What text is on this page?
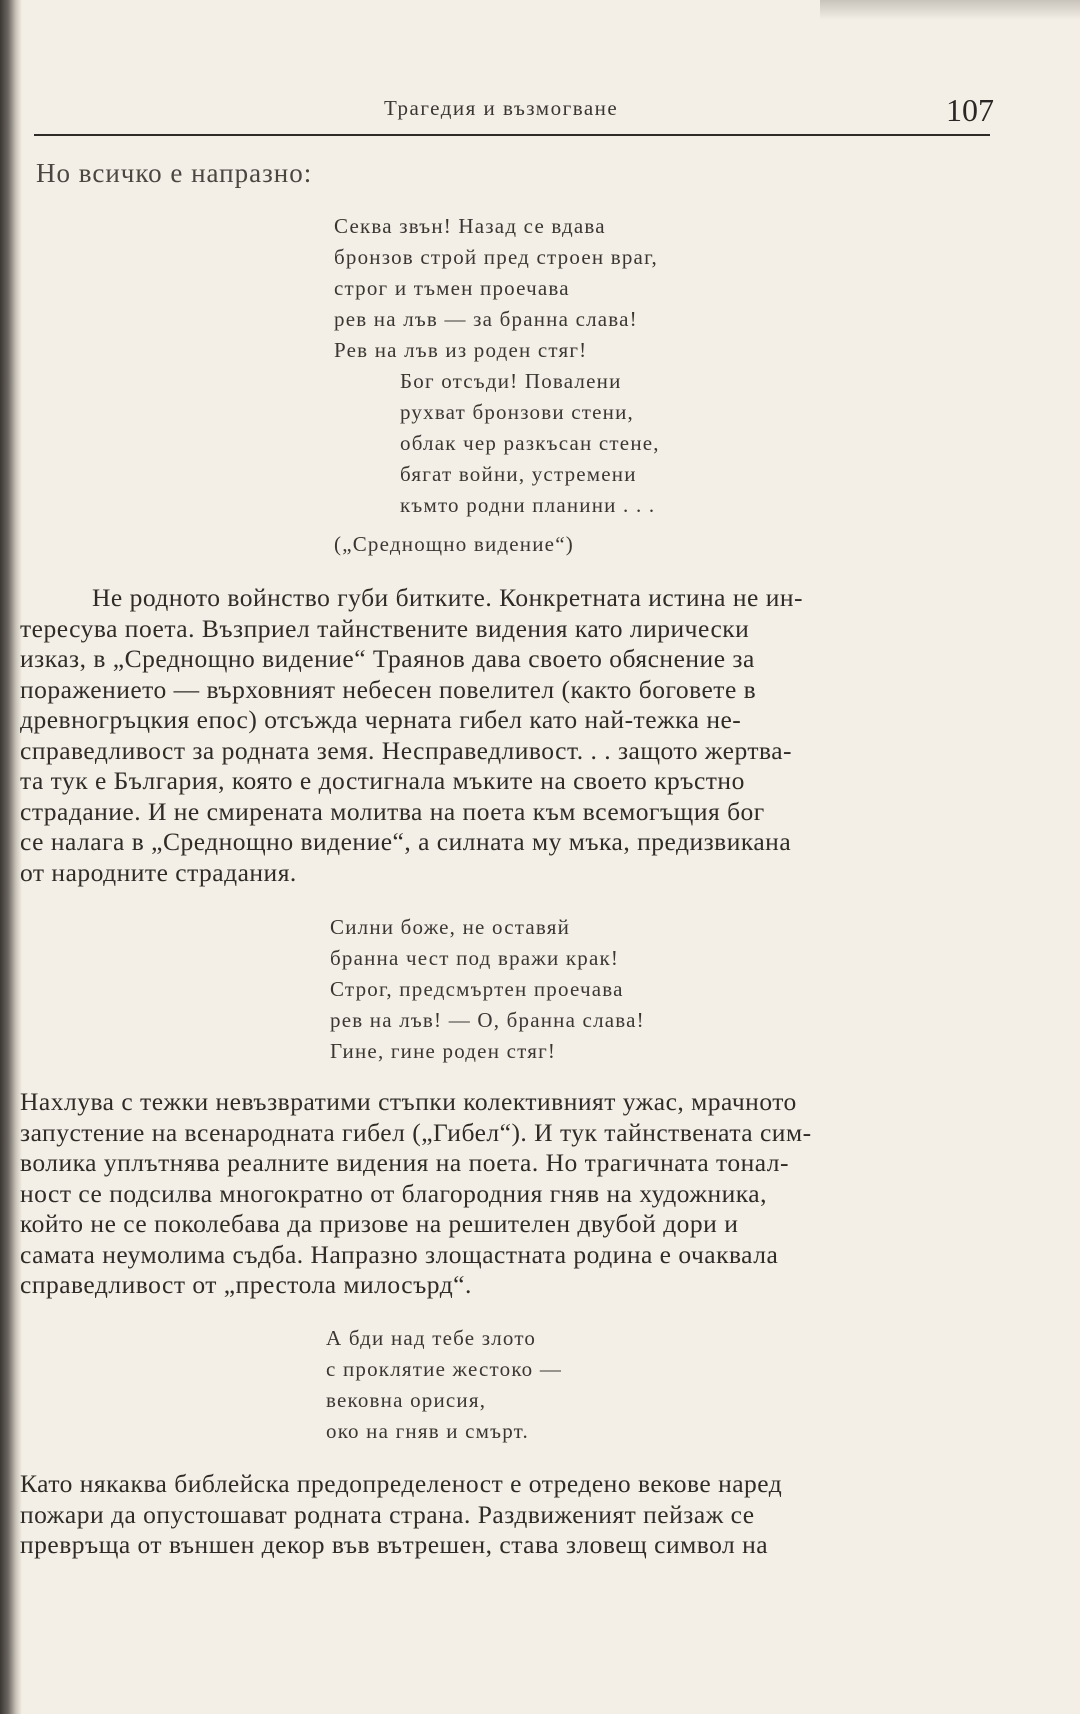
Трагедия и възмогване	107
Но всичко е напразно:
Секва звън! Назад се вдава
бронзов строй пред строен враг,
строг и тъмен проечава
рев на лъв — за бранна слава!
Рев на лъв из роден стяг!
Бог отсъди! Повалени
рухват бронзови стени,
облак чер разкъсан стене,
бягат войни, устремени
къмто родни планини . . .
(„Среднощно видение“)
Не родното войнство губи битките. Конкретната истина не ин-
тересува поета. Възприел тайнствените видения като лирически
изказ, в „Среднощно видение“ Траянов дава своето обяснение за
поражението — върховният небесен повелител (както боговете в
древногръцкия епос) отсъжда черната гибел като най-тежка не-
справедливост за родната земя. Несправедливост. . . защото жертва-
та тук е България, която е достигнала мъките на своето кръстно
страдание. И не смирената молитва на поета към всемогъщия бог
се налага в „Среднощно видение“, а силната му мъка, предизвикана
от народните страдания.
Силни боже, не оставяй
бранна чест под вражи крак!
Строг, предсмъртен проечава
рев на лъв! — О, бранна слава!
Гине, гине роден стяг!
Нахлува с тежки невъзвратими стъпки колективният ужас, мрачното
запустение на всенародната гибел („Гибел“). И тук тайнствената сим-
волика уплътнява реалните видения на поета. Но трагичната тонал-
ност се подсилва многократно от благородния гняв на художника,
който не се поколебава да призове на решителен двубой дори и
самата неумолима съдба. Напразно злощастната родина е очаквала
справедливост от „престола милосърд“.
А бди над тебе злото
с проклятие жестоко —
вековна орисия,
око на гняв и смърт.
Като някаква библейска предопределеност е отредено векове наред
пожари да опустошават родната страна. Раздвиженият пейзаж се
превръща от външен декор във вътрешен, става зловещ символ на
